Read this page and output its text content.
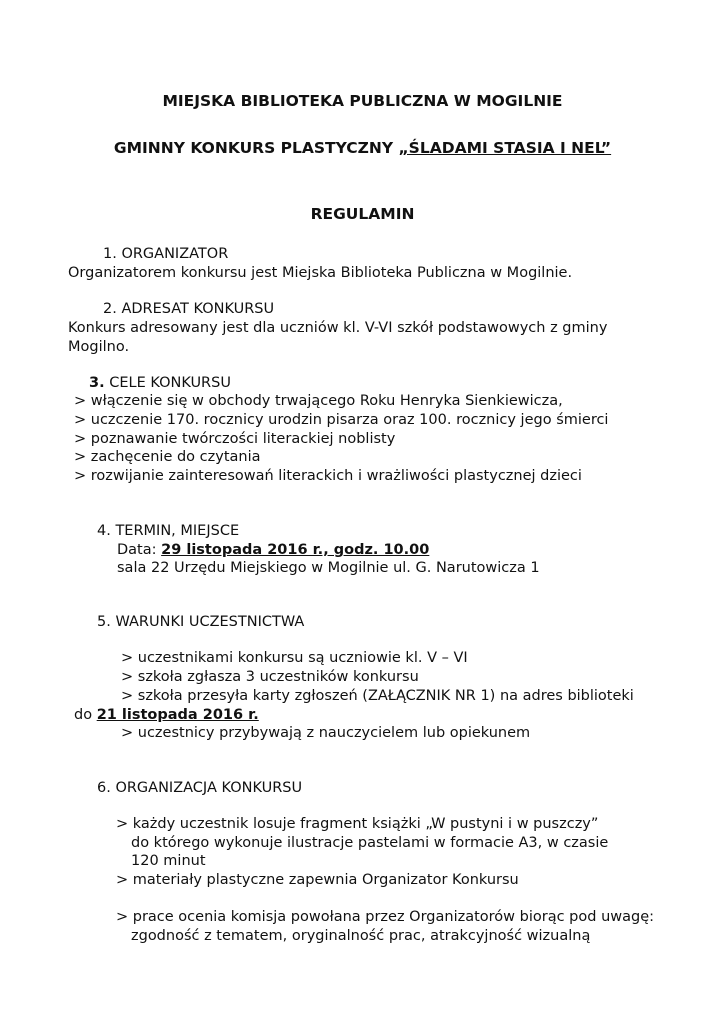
MIEJSKA BIBLIOTEKA PUBLICZNA W MOGILNIE
GMINNY KONKURS PLASTYCZNY „ŚLADAMI STASIA I NEL”
REGULAMIN
1. ORGANIZATOR
Organizatorem konkursu jest Miejska Biblioteka Publiczna w Mogilnie.
2. ADRESAT KONKURSU
Konkurs adresowany jest dla uczniów kl. V-VI szkół podstawowych z gminy
Mogilno.
3. CELE KONKURSU
> włączenie się w obchody trwającego Roku Henryka Sienkiewicza,
> uczczenie 170. rocznicy urodzin pisarza oraz 100. rocznicy jego śmierci
> poznawanie twórczości literackiej noblisty
> zachęcenie do czytania
> rozwijanie zainteresowań literackich i wrażliwości plastycznej dzieci
4. TERMIN, MIEJSCE
Data: 29 listopada 2016 r., godz. 10.00
sala 22 Urzędu Miejskiego w Mogilnie ul. G. Narutowicza 1
5. WARUNKI UCZESTNICTWA
> uczestnikami konkursu są uczniowie kl. V – VI
> szkoła zgłasza 3 uczestników konkursu
> szkoła przesyła karty zgłoszeń (ZAŁĄCZNIK NR 1) na adres biblioteki
do 21 listopada 2016 r.
> uczestnicy przybywają z nauczycielem lub opiekunem
6. ORGANIZACJA KONKURSU
> każdy uczestnik losuje fragment książki „W pustyni i w puszczy”
do którego wykonuje ilustracje pastelami w formacie A3, w czasie
120 minut
> materiały plastyczne zapewnia Organizator Konkursu
> prace ocenia komisja powołana przez Organizatorów biorąc pod uwagę:
zgodność z tematem, oryginalność prac, atrakcyjność wizualną
